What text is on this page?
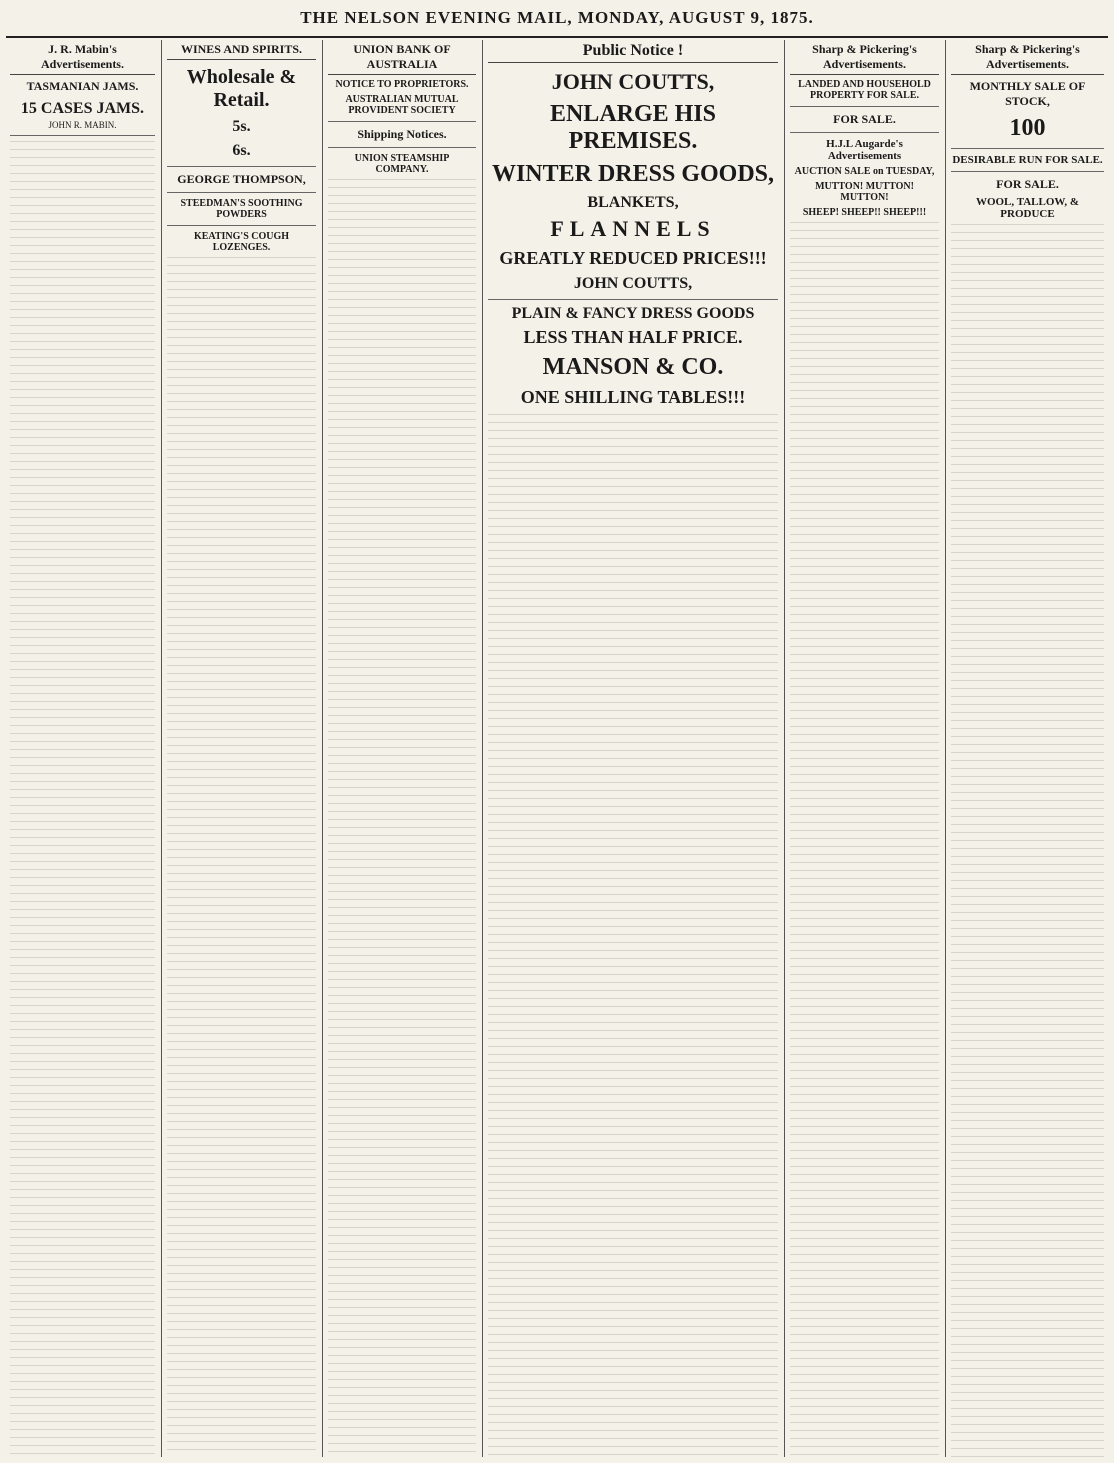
THE NELSON EVENING MAIL, MONDAY, AUGUST 9, 1875.
J. R. Mabin's Advertisements.
TASMANIAN JAMS.
15 CASES JAMS.
JOHN R. MABIN.
WINES AND SPIRITS.
Wholesale & Retail.
5s.
6s.
GEORGE THOMPSON,
STEEDMAN'S SOOTHING POWDERS
KEATING'S COUGH LOZENGES.
UNION BANK OF AUSTRALIA
NOTICE TO PROPRIETORS.
AUSTRALIAN MUTUAL PROVIDENT SOCIETY
Shipping Notices.
UNION STEAMSHIP COMPANY.
Public Notice !
JOHN COUTTS,
ENLARGE HIS PREMISES.
WINTER DRESS GOODS,
BLANKETS,
FLANNELS
GREATLY REDUCED PRICES!!!
JOHN COUTTS,
PLAIN & FANCY DRESS GOODS
LESS THAN HALF PRICE.
MANSON & CO.
ONE SHILLING TABLES!!!
Sharp & Pickering's Advertisements.
LANDED AND HOUSEHOLD PROPERTY FOR SALE.
FOR SALE.
H.J.L Augarde's Advertisements
AUCTION SALE on TUESDAY,
MUTTON! MUTTON! MUTTON!
SHEEP! SHEEP!! SHEEP!!!
Sharp & Pickering's Advertisements.
MONTHLY SALE OF STOCK,
100
DESIRABLE RUN FOR SALE.
FOR SALE.
WOOL, TALLOW, & PRODUCE
